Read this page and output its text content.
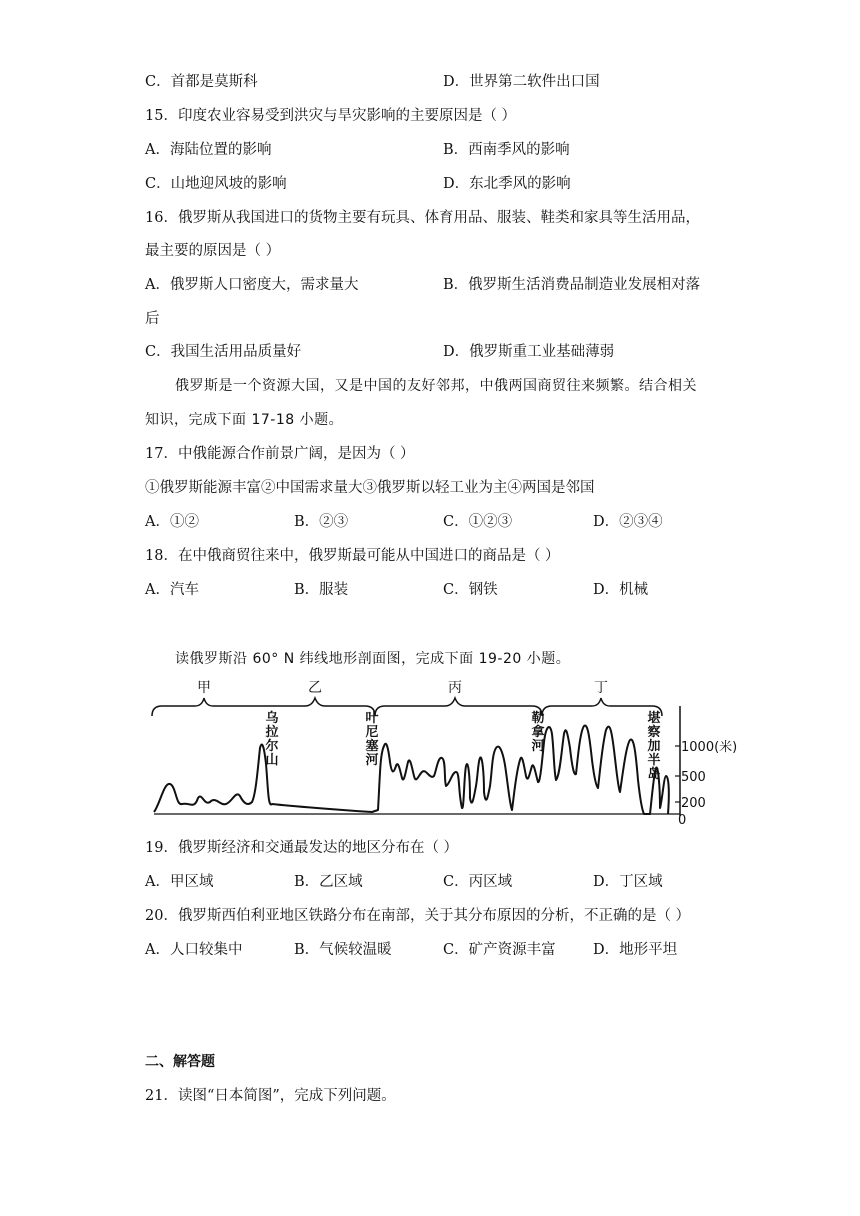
C．首都是莫斯科	D．世界第二软件出口国
15．印度农业容易受到洪灾与旱灾影响的主要原因是（ ）
A．海陆位置的影响	B．西南季风的影响
C．山地迎风坡的影响	D．东北季风的影响
16．俄罗斯从我国进口的货物主要有玩具、体育用品、服装、鞋类和家具等生活用品，
最主要的原因是（ ）
A．俄罗斯人口密度大，需求量大	B．俄罗斯生活消费品制造业发展相对落
后
C．我国生活用品质量好	D．俄罗斯重工业基础薄弱
俄罗斯是一个资源大国，又是中国的友好邻邦，中俄两国商贸往来频繁。结合相关
知识，完成下面 17-18 小题。
17．中俄能源合作前景广阔，是因为（ ）
①俄罗斯能源丰富②中国需求量大③俄罗斯以轻工业为主④两国是邻国
A．①②	B．②③	C．①②③	D．②③④
18．在中俄商贸往来中，俄罗斯最可能从中国进口的商品是（ ）
A．汽车	B．服装	C．钢铁	D．机械
读俄罗斯沿 60° N 纬线地形剖面图，完成下面 19-20 小题。
甲	乙	丙	丁
乌拉尔山
叶尼塞河
勒拿河
堪察加半岛
1000(米)
500
200
0
19．俄罗斯经济和交通最发达的地区分布在（ ）
A．甲区域	B．乙区域	C．丙区域	D．丁区域
20．俄罗斯西伯利亚地区铁路分布在南部，关于其分布原因的分析，不正确的是（ ）
A．人口较集中	B．气候较温暖	C．矿产资源丰富	D．地形平坦
二、解答题
21．读图“日本简图”，完成下列问题。
